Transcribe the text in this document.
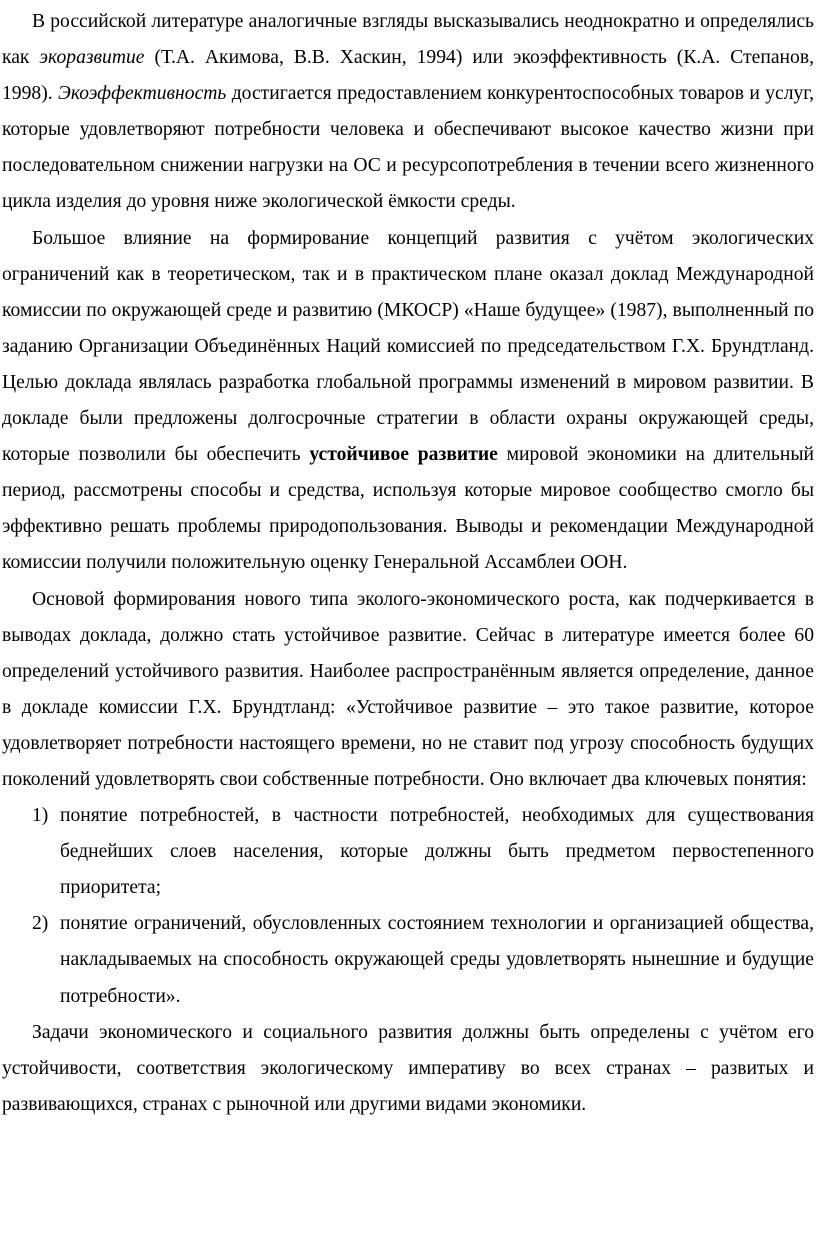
В российской литературе аналогичные взгляды высказывались неоднократно и определялись как экоразвитие (Т.А. Акимова, В.В. Хаскин, 1994) или экоэффективность (К.А. Степанов, 1998). Экоэффективность достигается предоставлением конкурентоспособных товаров и услуг, которые удовлетворяют потребности человека и обеспечивают высокое качество жизни при последовательном снижении нагрузки на ОС и ресурсопотребления в течении всего жизненного цикла изделия до уровня ниже экологической ёмкости среды.

Большое влияние на формирование концепций развития с учётом экологических ограничений как в теоретическом, так и в практическом плане оказал доклад Международной комиссии по окружающей среде и развитию (МКОСР) «Наше будущее» (1987), выполненный по заданию Организации Объединённых Наций комиссией по председательством Г.Х. Брундтланд. Целью доклада являлась разработка глобальной программы изменений в мировом развитии. В докладе были предложены долгосрочные стратегии в области охраны окружающей среды, которые позволили бы обеспечить устойчивое развитие мировой экономики на длительный период, рассмотрены способы и средства, используя которые мировое сообщество смогло бы эффективно решать проблемы природопользования. Выводы и рекомендации Международной комиссии получили положительную оценку Генеральной Ассамблеи ООН.

Основой формирования нового типа эколого-экономического роста, как подчеркивается в выводах доклада, должно стать устойчивое развитие. Сейчас в литературе имеется более 60 определений устойчивого развития. Наиболее распространённым является определение, данное в докладе комиссии Г.Х. Брундтланд: «Устойчивое развитие – это такое развитие, которое удовлетворяет потребности настоящего времени, но не ставит под угрозу способность будущих поколений удовлетворять свои собственные потребности. Оно включает два ключевых понятия:

1) понятие потребностей, в частности потребностей, необходимых для существования беднейших слоев населения, которые должны быть предметом первостепенного приоритета;
2) понятие ограничений, обусловленных состоянием технологии и организацией общества, накладываемых на способность окружающей среды удовлетворять нынешние и будущие потребности».

Задачи экономического и социального развития должны быть определены с учётом его устойчивости, соответствия экологическому императиву во всех странах – развитых и развивающихся, странах с рыночной или другими видами экономики.
